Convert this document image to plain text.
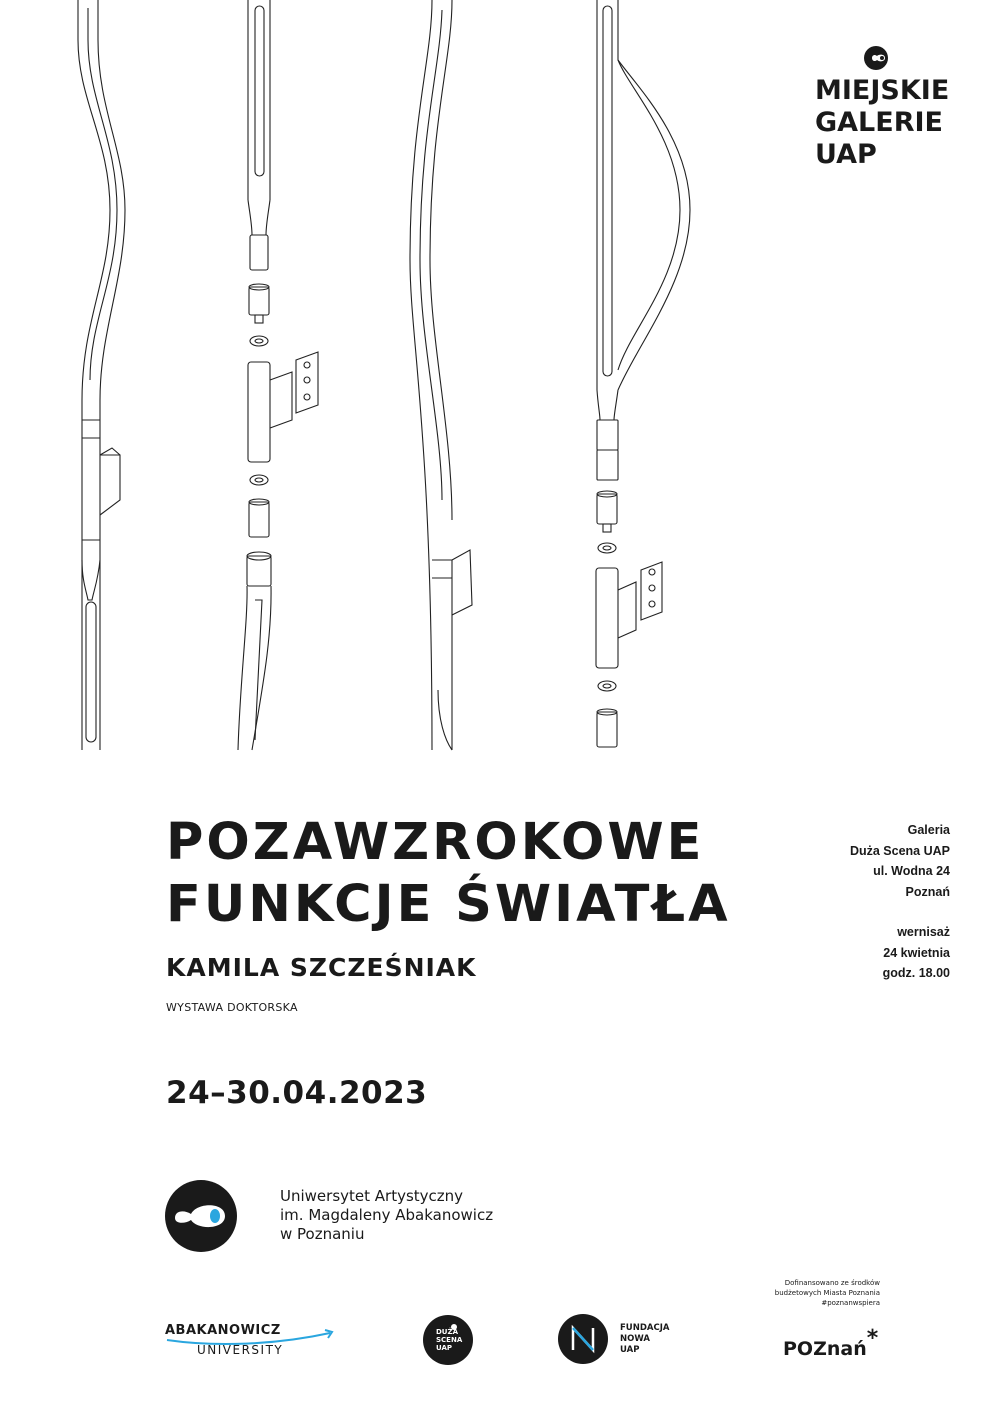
MIEJSKIE
GALERIE
UAP
POZAWZROKOWE
FUNKCJE ŚWIATŁA
KAMILA SZCZEŚNIAK
WYSTAWA DOKTORSKA
24–30.04.2023
Galeria
Duża Scena UAP
ul. Wodna 24
Poznań
wernisaż
24 kwietnia
godz. 18.00
Uniwersytet Artystyczny
im. Magdaleny Abakanowicz
w Poznaniu
Dofinansowano ze środków
budżetowych Miasta Poznania
#poznanwspiera
ABAKANOWICZ
UNIVERSITY
DUŻA
SCENA
UAP
FUNDACJA
NOWA
UAP	POZnań*
